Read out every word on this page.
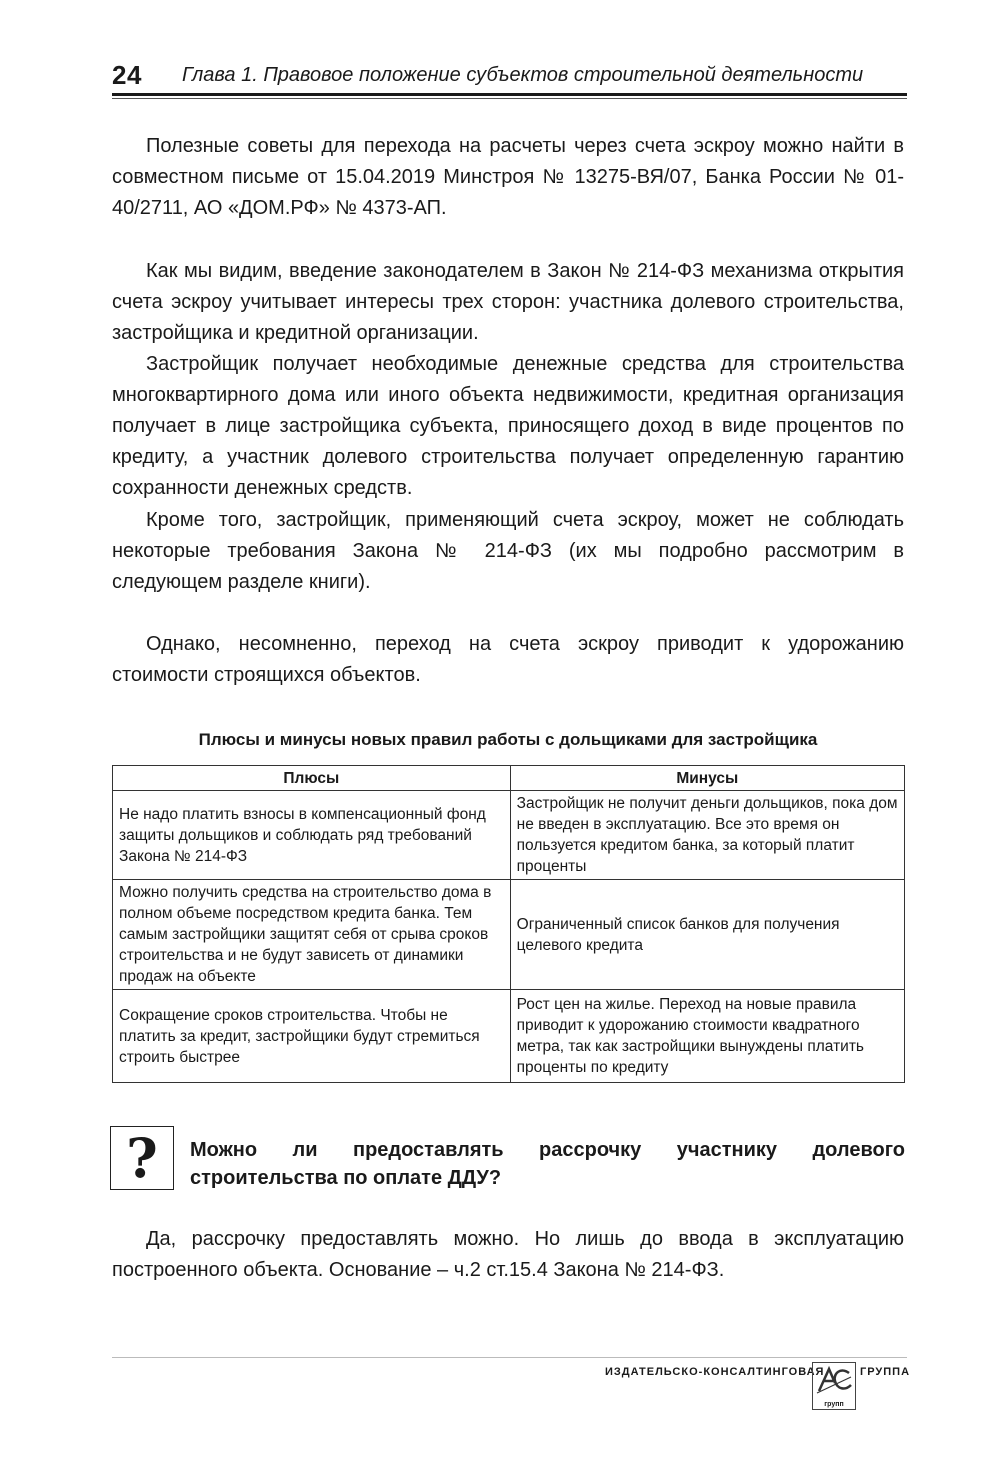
24 Глава 1. Правовое положение субъектов строительной деятельности

Полезные советы для перехода на расчеты через счета эскроу можно найти в совместном письме от 15.04.2019 Минстроя № 13275-ВЯ/07, Банка России № 01-40/2711, АО «ДОМ.РФ» № 4373-АП.

Как мы видим, введение законодателем в Закон № 214-ФЗ механизма открытия счета эскроу учитывает интересы трех сторон: участника долевого строительства, застройщика и кредитной организации.

Застройщик получает необходимые денежные средства для строительства многоквартирного дома или иного объекта недвижимости, кредитная организация получает в лице застройщика субъекта, приносящего доход в виде процентов по кредиту, а участник долевого строительства получает определенную гарантию сохранности денежных средств.

Кроме того, застройщик, применяющий счета эскроу, может не соблюдать некоторые требования Закона № 214-ФЗ (их мы подробно рассмотрим в следующем разделе книги).

Однако, несомненно, переход на счета эскроу приводит к удорожанию стоимости строящихся объектов.

Плюсы и минусы новых правил работы с дольщиками для застройщика
Плюсы	Минусы
Не надо платить взносы в компенсационный фонд защиты дольщиков и соблюдать ряд требований Закона № 214-ФЗ	Застройщик не получит деньги дольщиков, пока дом не введен в эксплуатацию. Все это время он пользуется кредитом банка, за который платит проценты
Можно получить средства на строительство дома в полном объеме посредством кредита банка. Тем самым застройщики защитят себя от срыва сроков строительства и не будут зависеть от динамики продаж на объекте	Ограниченный список банков для получения целевого кредита
Сокращение сроков строительства. Чтобы не платить за кредит, застройщики будут стремиться строить быстрее	Рост цен на жилье. Переход на новые правила приводит к удорожанию стоимости квадратного метра, так как застройщики вынуждены платить проценты по кредиту
?	Можно ли предоставлять рассрочку участнику долевого строительства по оплате ДДУ?

Да, рассрочку предоставлять можно. Но лишь до ввода в эксплуатацию построенного объекта. Основание – ч.2 ст.15.4 Закона № 214-ФЗ.

ИЗДАТЕЛЬСКО-КОНСАЛТИНГОВАЯ
групп
ГРУППА
